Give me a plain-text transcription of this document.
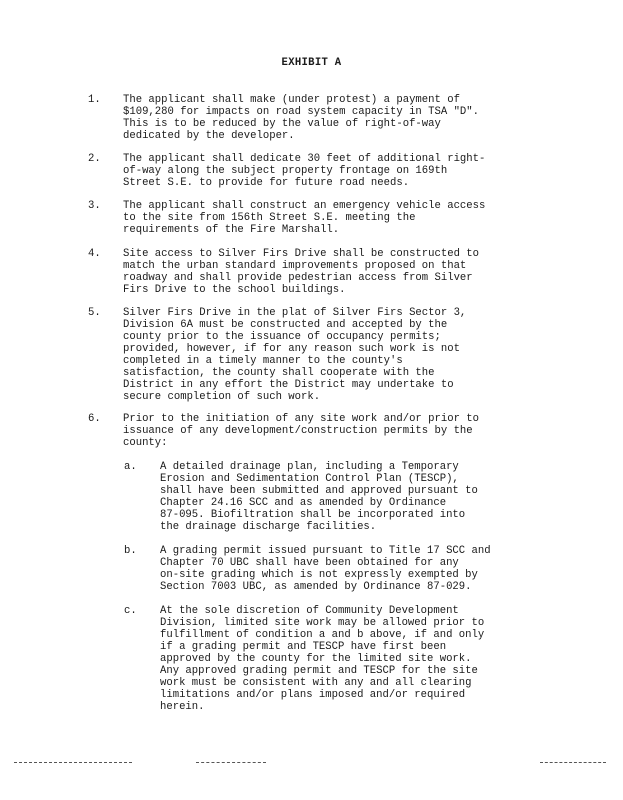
EXHIBIT A
1. The applicant shall make (under protest) a payment of
$109,280 for impacts on road system capacity in TSA "D".
This is to be reduced by the value of right-of-way
dedicated by the developer.
2. The applicant shall dedicate 30 feet of additional right-
of-way along the subject property frontage on 169th
Street S.E. to provide for future road needs.
3. The applicant shall construct an emergency vehicle access
to the site from 156th Street S.E. meeting the
requirements of the Fire Marshall.
4. Site access to Silver Firs Drive shall be constructed to
match the urban standard improvements proposed on that
roadway and shall provide pedestrian access from Silver
Firs Drive to the school buildings.
5. Silver Firs Drive in the plat of Silver Firs Sector 3,
Division 6A must be constructed and accepted by the
county prior to the issuance of occupancy permits;
provided, however, if for any reason such work is not
completed in a timely manner to the county's
satisfaction, the county shall cooperate with the
District in any effort the District may undertake to
secure completion of such work.
6. Prior to the initiation of any site work and/or prior to
issuance of any development/construction permits by the
county:
a. A detailed drainage plan, including a Temporary
Erosion and Sedimentation Control Plan (TESCP),
shall have been submitted and approved pursuant to
Chapter 24.16 SCC and as amended by Ordinance
87-095. Biofiltration shall be incorporated into
the drainage discharge facilities.
b. A grading permit issued pursuant to Title 17 SCC and
Chapter 70 UBC shall have been obtained for any
on-site grading which is not expressly exempted by
Section 7003 UBC, as amended by Ordinance 87-029.
c. At the sole discretion of Community Development
Division, limited site work may be allowed prior to
fulfillment of condition a and b above, if and only
if a grading permit and TESCP have first been
approved by the county for the limited site work.
Any approved grading permit and TESCP for the site
work must be consistent with any and all clearing
limitations and/or plans imposed and/or required
herein.
